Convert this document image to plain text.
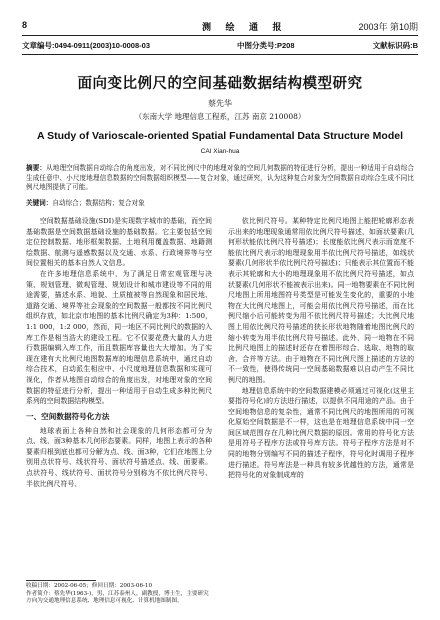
8	测 绘 通 报	2003年 第10期
文章编号:0494-0911(2003)10-0008-03	中图分类号:P208	文献标识码:B
面向变比例尺的空间基础数据结构模型研究
蔡先华
（东南大学 地理信息工程系，江苏 南京 210008）
A Study of Varioscale-oriented Spatial Fundamental Data Structure Model
CAI Xian-hua
摘要：从地理空间数据自动综合的角度出发，对不同比例尺中的地理对象的空间几何数据的特征进行分析，提出一种适用于自动综合生成任意中、小尺度地理信息数据的空间数据组织模型——复合对象，通过研究，认为这种复合对象为空间数据自动综合生成不同比例尺地图提供了可能。
关键词：自动综合；数据结构；复合对象

空间数据基础设施(SDI)是实现数字城市的基础，而空间基础数据是空间数据基础设施的基础数据。它主要包括空间定位控制数据、地形框架数据、土地利用覆盖数据、地籍测绘数据、航测与遥感数据以及交通、水系、行政境界等与空间位置相关的基本自然人文信息。

在许多地理信息系统中，为了满足日常宏观管理与决策、规划管理、微观管理、规划设计和城市建设等不同的用途需要，描述水系、地貌、土质植被等自然现象和居民地、道路交通、境界等社会现象的空间数据一般都按不同比例尺组织存放，如北京市地图的基本比例尺确定为3种：1:500，1:1 000，1:2 000，然而，同一地区不同比例尺的数据的入库工作是相当浩大的建设工程。它不仅要花费大量的人力进行数据编辑入库工作，而且数据库容量也大大增加。为了实现在建有大比例尺地图数据库的地理信息系统中，通过自动综合技术，自动派生相应中、小尺度地理信息数据和实现可视化，作者从地图自动综合的角度出发，对地理对象的空间数据的特征进行分析，提出一种适用于自动生成多种比例尺系列的空间数据结构模型。

一、空间数据符号化方法

地球表面上各种自然和社会现象的几何形态都可分为点、线、面3种基本几何形态要素。同样，地图上表示的各种要素归根到底也都可分解为点、线、面3种，它们在地图上分别用点状符号、线状符号、面状符号描述点、线、面要素。点状符号、线状符号、面状符号分别称为不依比例尺符号、半依比例尺符号、

依比例尺符号。某种特定比例尺地图上能把轮廓形态表示出来的地理现象通常用依比例尺符号描述，如面状要素(几何形状能依比例尺符号描述)；长度能依比例尺表示而宽度不能依比例尺表示的地理现象用半依比例尺符号描述，如线状要素(几何形状半依比例尺符号描述)；只能表示其位置而不能表示其轮廓和大小的地理现象用不依比例尺符号描述，如点状要素(几何形状不能被表示出来)。同一地物要素在不同比例尺地图上所用地图符号类型是可能发生变化的，重要的小地物在大比例尺地图上，可能会用依比例尺符号描述，而在比例尺缩小后可能转变为用不依比例尺符号描述；大比例尺地图上用依比例尺符号描述的狭长形状地物随着地图比例尺的缩小转变为用半依比例尺符号描述。此外，同一地物在不同比例尺地图上的描述时还存在着图形综合、选取、地物的取舍、合并等方法。由于地物在不同比例尺图上描述的方法的不一致性，使得传统同一空间基础数据难以自动产生不同比例尺的地图。

地理信息系统中的空间数据建模必须通过可视化(这里主要指符号化)的方法进行描述，以提供不同用途的产品。由于空间地物信息的复杂性，通常不同比例尺的地图所用的可视化原始空间数据是不一样，这也是在地理信息系统中同一空间区域范围存在几种比例尺数据的原因。常用的符号化方法是用符号子程序方法或符号库方法。符号子程序方法是对不同的地物分别编写不同的描述子程序，符号化时调用子程序进行描述。符号库法是一种具有较多优越性的方法，通常是把符号化的对象制成库的

收稿日期：2002-06-05；修回日期：2003-06-10
作者简介：蔡先华(1963-)，男，江苏泰州人，副教授，博士生，主要研究方向为交通地理信息系统、地理信息可视化、计算机地图制图。
